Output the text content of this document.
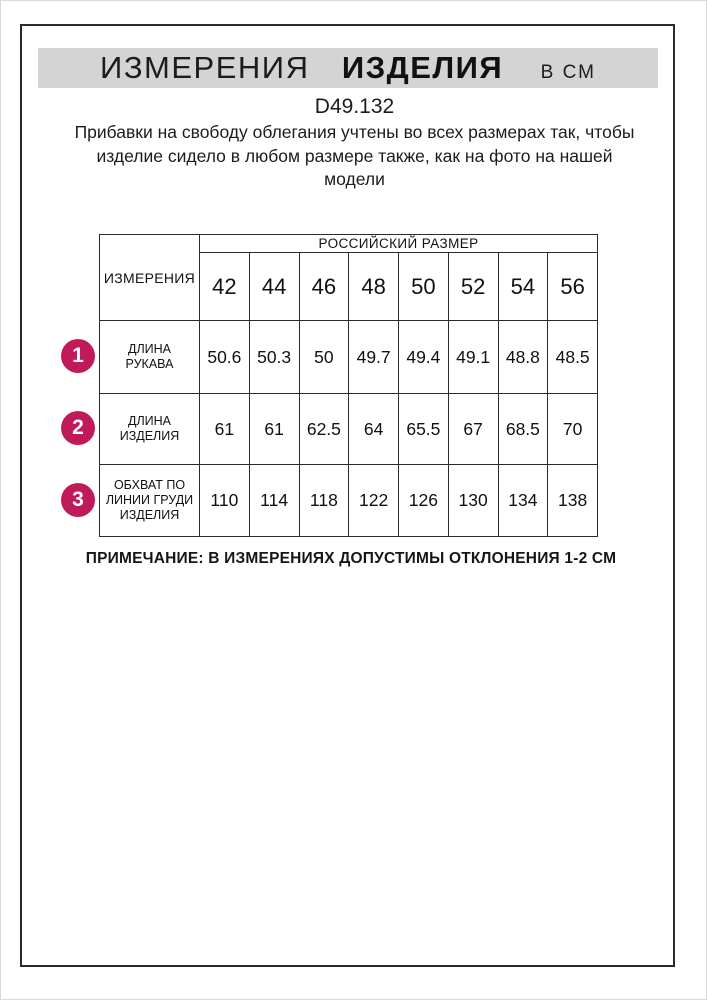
ИЗМЕРЕНИЯ ИЗДЕЛИЯ В СМ
D49.132
Прибавки на свободу облегания учтены во всех размерах так, чтобы
изделие сидело в любом размере также, как на фото на нашей
модели
ИЗМЕРЕНИЯ	РОССИЙСКИЙ РАЗМЕР							
	42	44	46	48	50	52	54	56
ДЛИНА РУКАВА	50.6	50.3	50	49.7	49.4	49.1	48.8	48.5
ДЛИНА ИЗДЕЛИЯ	61	61	62.5	64	65.5	67	68.5	70
ОБХВАТ ПО ЛИНИИ ГРУДИ ИЗДЕЛИЯ	110	114	118	122	126	130	134	138
1
2
3
ПРИМЕЧАНИЕ: В ИЗМЕРЕНИЯХ ДОПУСТИМЫ ОТКЛОНЕНИЯ 1-2 СМ
